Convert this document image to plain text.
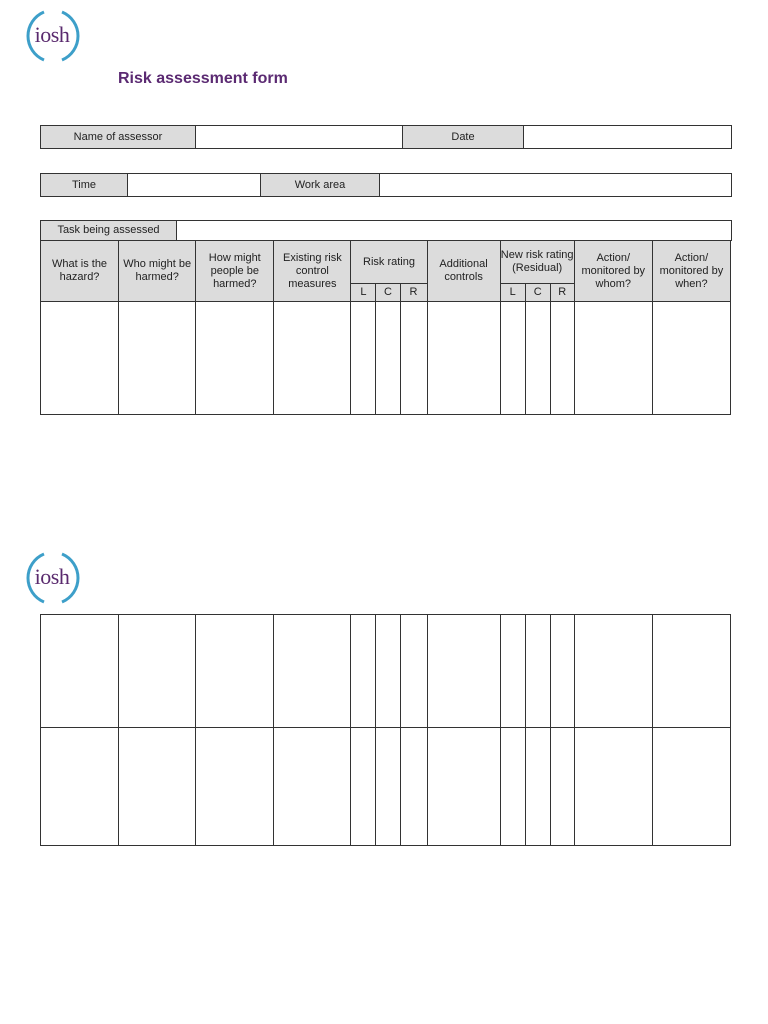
iosh
Risk assessment form
Name of assessor		Date	
Time		Work area	
Task being assessed	
What is the hazard?	Who might be harmed?	How might people be harmed?	Existing risk control measures	Risk rating			Additional controls	New risk rating (Residual)			Action/ monitored by whom?	Action/ monitored by when?
				L	C	R		L	C	R		

iosh
